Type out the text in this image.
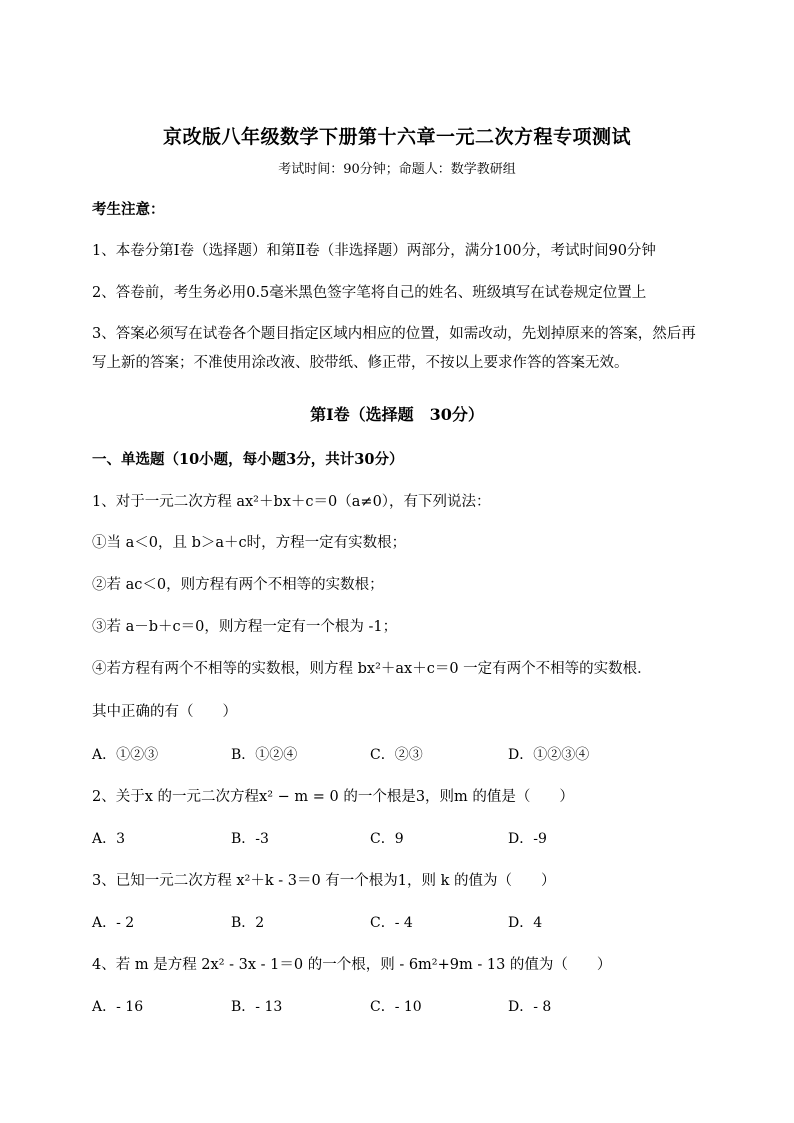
京改版八年级数学下册第十六章一元二次方程专项测试
考试时间：90分钟；命题人：数学教研组
考生注意：
1、本卷分第I卷（选择题）和第Ⅱ卷（非选择题）两部分，满分100分，考试时间90分钟
2、答卷前，考生务必用0.5毫米黑色签字笔将自己的姓名、班级填写在试卷规定位置上
3、答案必须写在试卷各个题目指定区域内相应的位置，如需改动，先划掉原来的答案，然后再写上新的答案；不准使用涂改液、胶带纸、修正带，不按以上要求作答的答案无效。
第I卷（选择题　30分）
一、单选题（10小题，每小题3分，共计30分）
1、对于一元二次方程 ax²＋bx＋c＝0（a≠0），有下列说法：
①当 a＜0，且 b＞a＋c时，方程一定有实数根；
②若 ac＜0，则方程有两个不相等的实数根；
③若 a－b＋c＝0，则方程一定有一个根为 -1；
④若方程有两个不相等的实数根，则方程 bx²＋ax＋c＝0 一定有两个不相等的实数根．
其中正确的有（　　）
A．①②③	B．①②④	C．②③	D．①②③④
2、关于x 的一元二次方程x² − m = 0 的一个根是3，则m 的值是（　　）
A．3	B．-3	C．9	D．-9
3、已知一元二次方程 x²＋k - 3＝0 有一个根为1，则 k 的值为（　　）
A．- 2	B．2	C．- 4	D．4
4、若 m 是方程 2x² - 3x - 1＝0 的一个根，则 - 6m²+9m - 13 的值为（　　）
A．- 16	B．- 13	C．- 10	D．- 8
